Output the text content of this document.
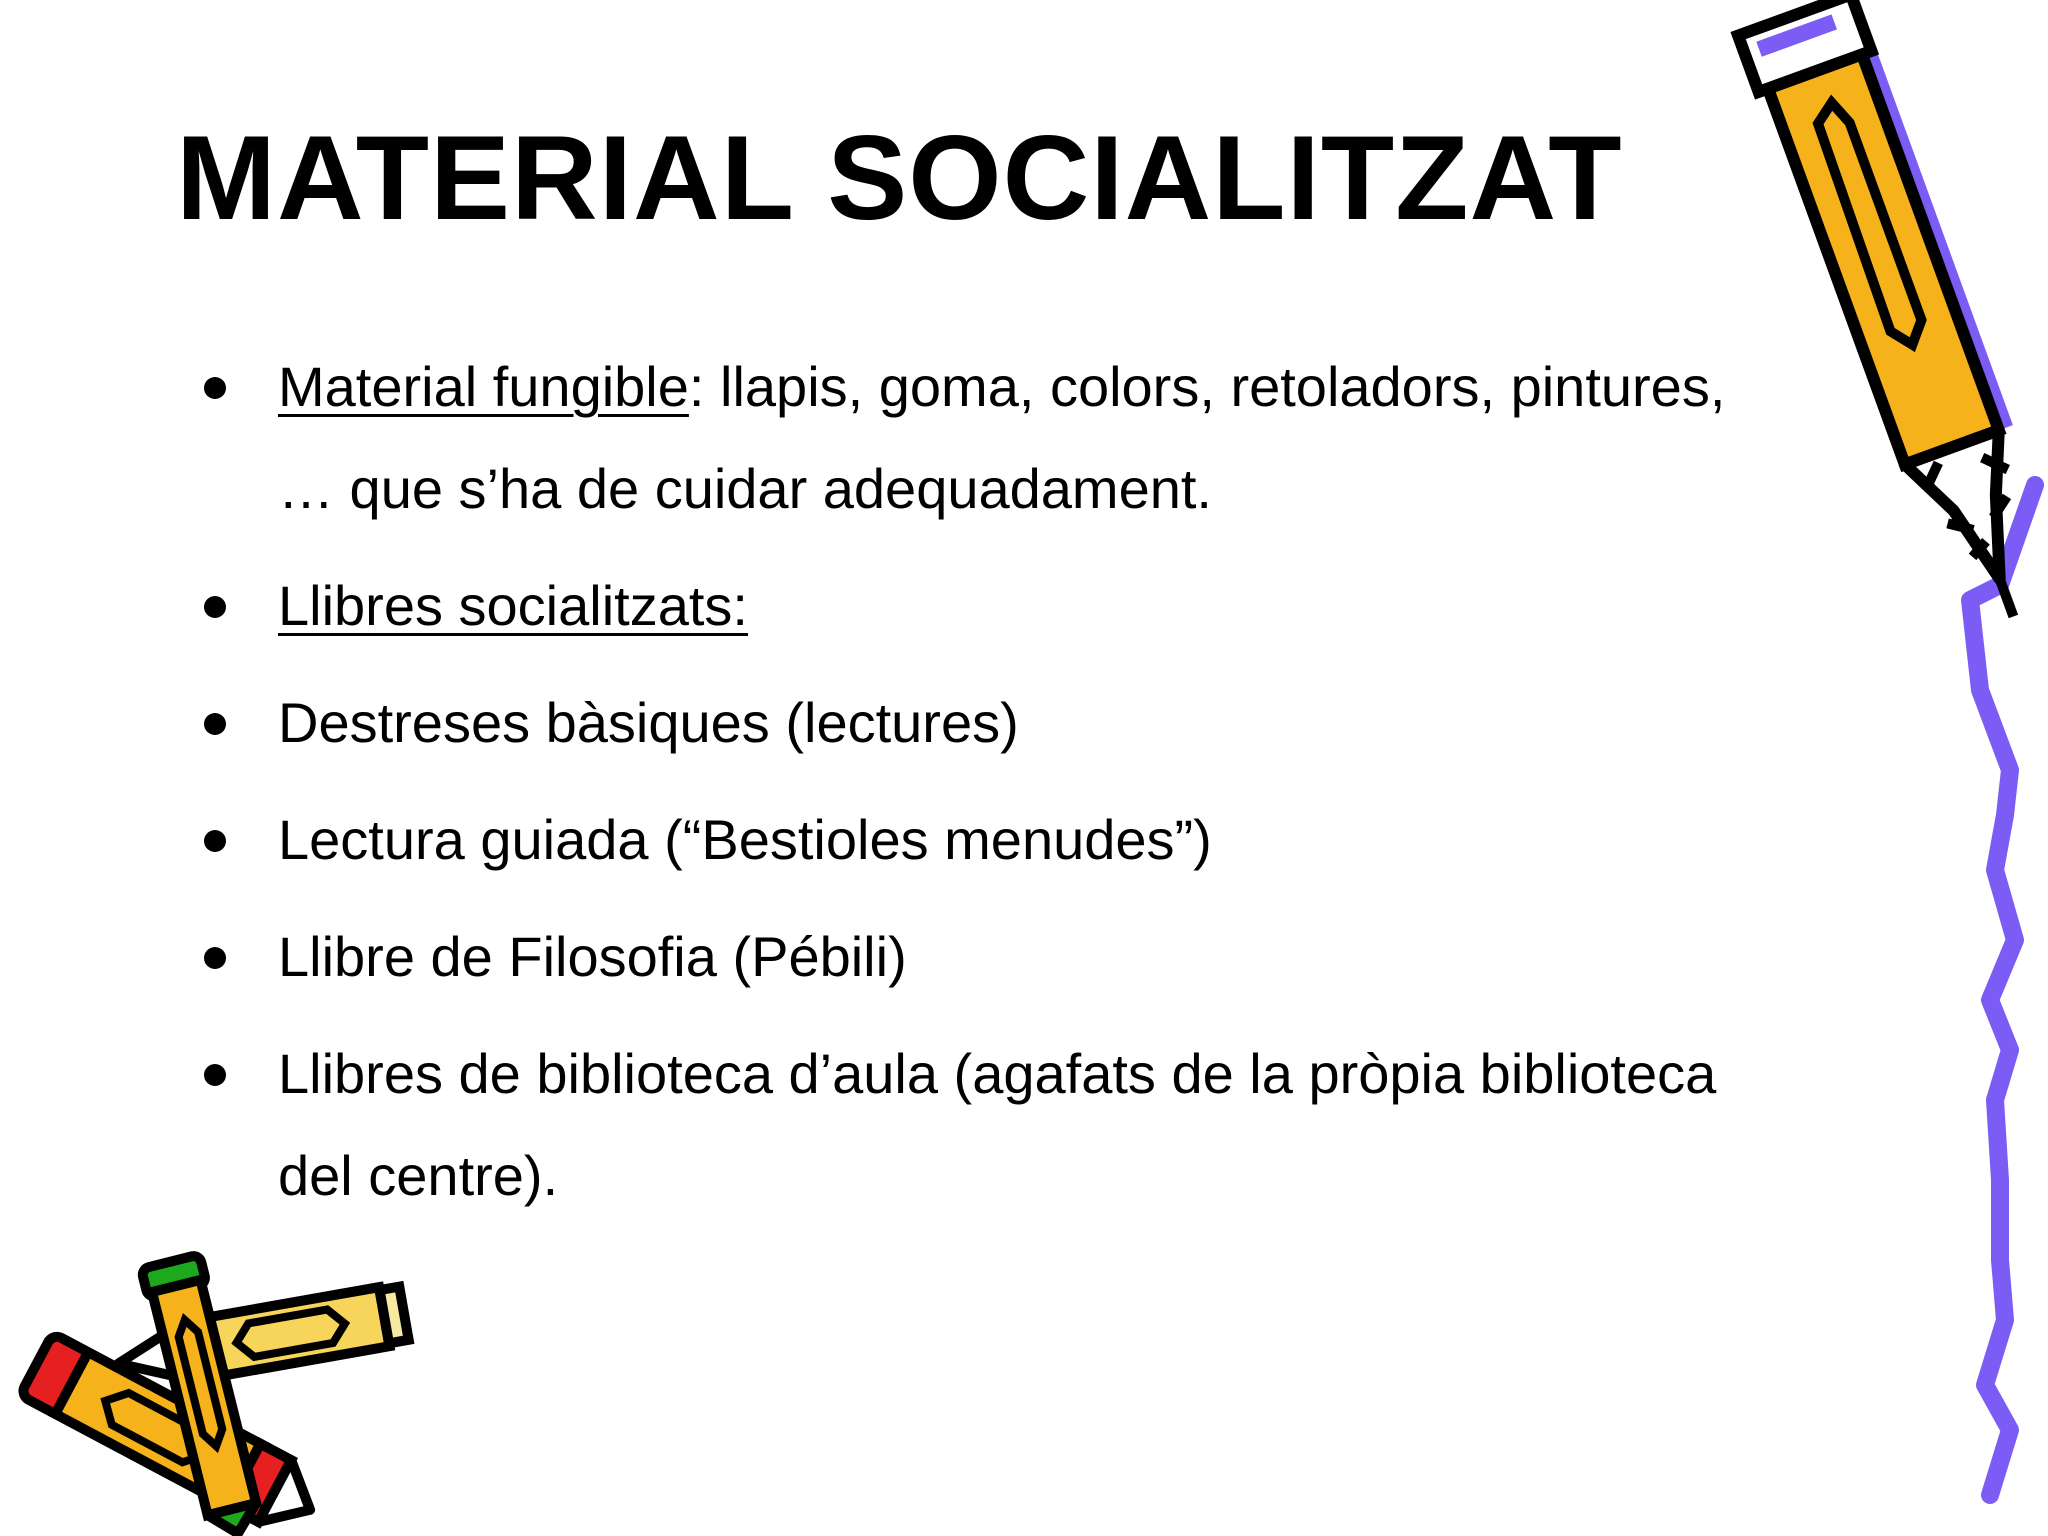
MATERIAL SOCIALITZAT
Material fungible: llapis, goma, colors, retoladors, pintures, … que s’ha de cuidar adequadament.
Llibres socialitzats:
Destreses bàsiques (lectures)
Lectura guiada (“Bestioles menudes”)
Llibre de Filosofia (Pébili)
Llibres de biblioteca d’aula (agafats de la pròpia biblioteca del centre).
